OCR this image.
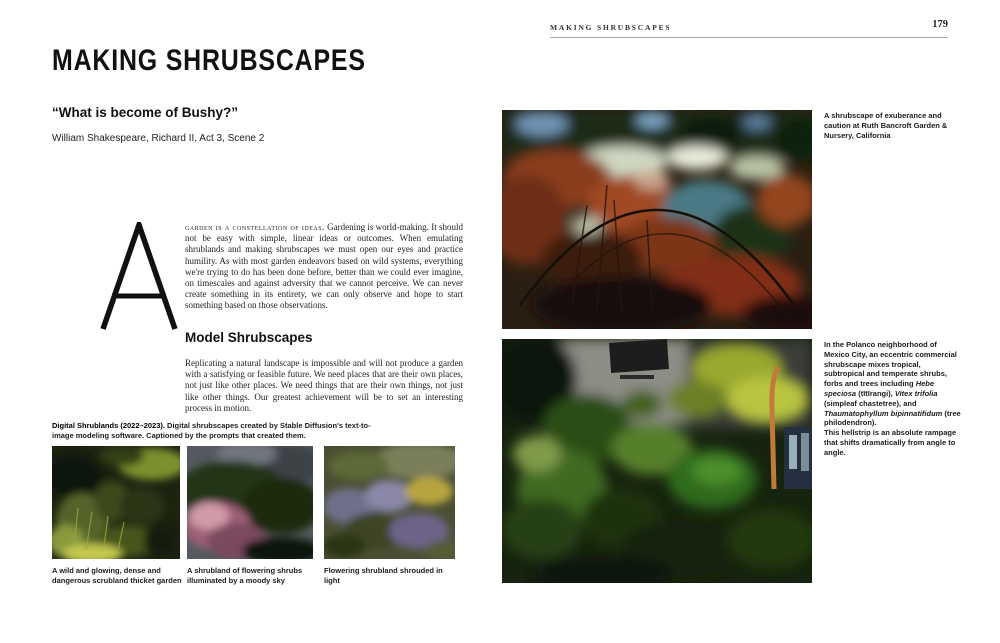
MAKING SHRUBSCAPES
“What is become of Bushy?”
William Shakespeare, Richard II, Act 3, Scene 2

garden is a constellation of ideas. Gardening is world-making. It should not be easy with simple, linear ideas or outcomes. When emulating shrublands and making shrubscapes we must open our eyes and practice humility. As with most garden endeavors based on wild systems, everything we're trying to do has been done before, better than we could ever imagine, on timescales and against adversity that we cannot perceive. We can never create something in its entirety, we can only observe and hope to start something based on those observations.

Model Shrubscapes

Replicating a natural landscape is impossible and will not produce a garden with a satisfying or feasible future. We need places that are their own places, not just like other places. We need things that are their own things, not just like other things. Our greatest achievement will be to set an interesting process in motion.

Digital Shrublands (2022–2023). Digital shrubscapes created by Stable Diffusion's text-to-image modeling software. Captioned by the prompts that created them.
A wild and glowing, dense and dangerous scrubland thicket garden
A shrubland of flowering shrubs illuminated by a moody sky
Flowering shrubland shrouded in light
MAKING SHRUBSCAPES	179
A shrubscape of exuberance and caution at Ruth Bancroft Garden & Nursery, California
In the Polanco neighborhood of Mexico City, an eccentric commercial shrubscape mixes tropical, subtropical and temperate shrubs, forbs and trees including Hebe speciosa (tītīrangi), Vitex trifolia (simpleaf chastetree), and Thaumatophyllum bipinnatifidum (tree philodendron).
This hellstrip is an absolute rampage that shifts dramatically from angle to angle.
